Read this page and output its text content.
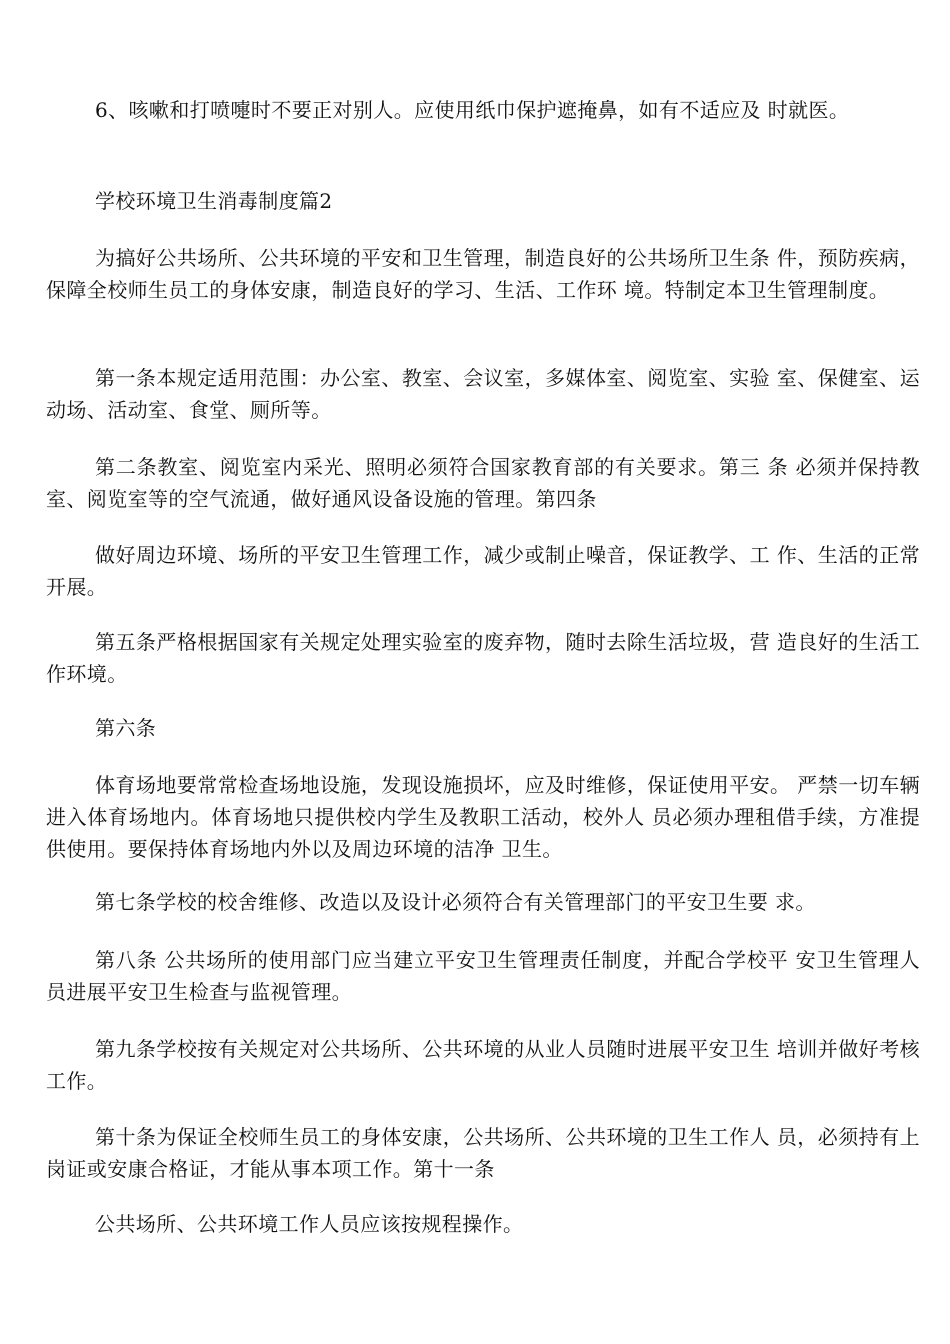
6、咳嗽和打喷嚏时不要正对别人。应使用纸巾保护遮掩鼻，如有不适应及 时就医。

学校环境卫生消毒制度篇2

为搞好公共场所、公共环境的平安和卫生管理，制造良好的公共场所卫生条 件，预防疾病，保障全校师生员工的身体安康，制造良好的学习、生活、工作环 境。特制定本卫生管理制度。

第一条本规定适用范围：办公室、教室、会议室，多媒体室、阅览室、实验 室、保健室、运动场、活动室、食堂、厕所等。

第二条教室、阅览室内采光、照明必须符合国家教育部的有关要求。第三 条 必须并保持教室、阅览室等的空气流通，做好通风设备设施的管理。第四条

做好周边环境、场所的平安卫生管理工作，减少或制止噪音，保证教学、工 作、生活的正常开展。

第五条严格根据国家有关规定处理实验室的废弃物，随时去除生活垃圾，营 造良好的生活工作环境。

第六条

体育场地要常常检查场地设施，发现设施损坏，应及时维修，保证使用平安。 严禁一切车辆进入体育场地内。体育场地只提供校内学生及教职工活动，校外人 员必须办理租借手续，方准提供使用。要保持体育场地内外以及周边环境的洁净 卫生。

第七条学校的校舍维修、改造以及设计必须符合有关管理部门的平安卫生要 求。

第八条 公共场所的使用部门应当建立平安卫生管理责任制度，并配合学校平 安卫生管理人员进展平安卫生检查与监视管理。

第九条学校按有关规定对公共场所、公共环境的从业人员随时进展平安卫生 培训并做好考核工作。

第十条为保证全校师生员工的身体安康，公共场所、公共环境的卫生工作人 员，必须持有上岗证或安康合格证，才能从事本项工作。第十一条

公共场所、公共环境工作人员应该按规程操作。
